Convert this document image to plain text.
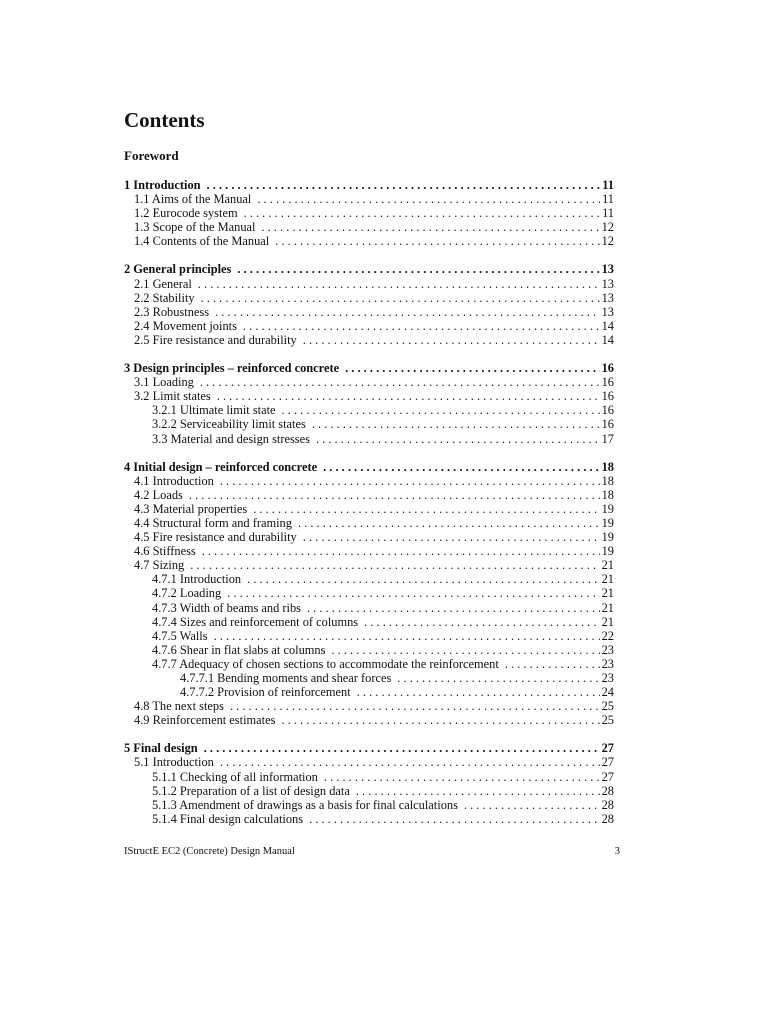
Contents
Foreword
1 Introduction . . .	11
1.1 Aims of the Manual . . .	11
1.2 Eurocode system . . .	11
1.3 Scope of the Manual . . .	12
1.4 Contents of the Manual . . .	12
2 General principles . . .	13
2.1 General . . .	13
2.2 Stability . . .	13
2.3 Robustness . . .	13
2.4 Movement joints . . .	14
2.5 Fire resistance and durability . . .	14
3 Design principles – reinforced concrete . . .	16
3.1 Loading . . .	16
3.2 Limit states . . .	16
3.2.1 Ultimate limit state . . .	16
3.2.2 Serviceability limit states . . .	16
3.3 Material and design stresses . . .	17
4 Initial design – reinforced concrete . . .	18
4.1 Introduction . . .	18
4.2 Loads . . .	18
4.3 Material properties . . .	19
4.4 Structural form and framing . . .	19
4.5 Fire resistance and durability . . .	19
4.6 Stiffness . . .	19
4.7 Sizing . . .	21
4.7.1 Introduction . . .	21
4.7.2 Loading . . .	21
4.7.3 Width of beams and ribs . . .	21
4.7.4 Sizes and reinforcement of columns . . .	21
4.7.5 Walls . . .	22
4.7.6 Shear in flat slabs at columns . . .	23
4.7.7 Adequacy of chosen sections to accommodate the reinforcement . . .	23
4.7.7.1 Bending moments and shear forces . . .	23
4.7.7.2 Provision of reinforcement . . .	24
4.8 The next steps . . .	25
4.9 Reinforcement estimates . . .	25
5 Final design . . .	27
5.1 Introduction . . .	27
5.1.1 Checking of all information . . .	27
5.1.2 Preparation of a list of design data . . .	28
5.1.3 Amendment of drawings as a basis for final calculations . . .	28
5.1.4 Final design calculations . . .	28
IStructE EC2 (Concrete) Design Manual	3
